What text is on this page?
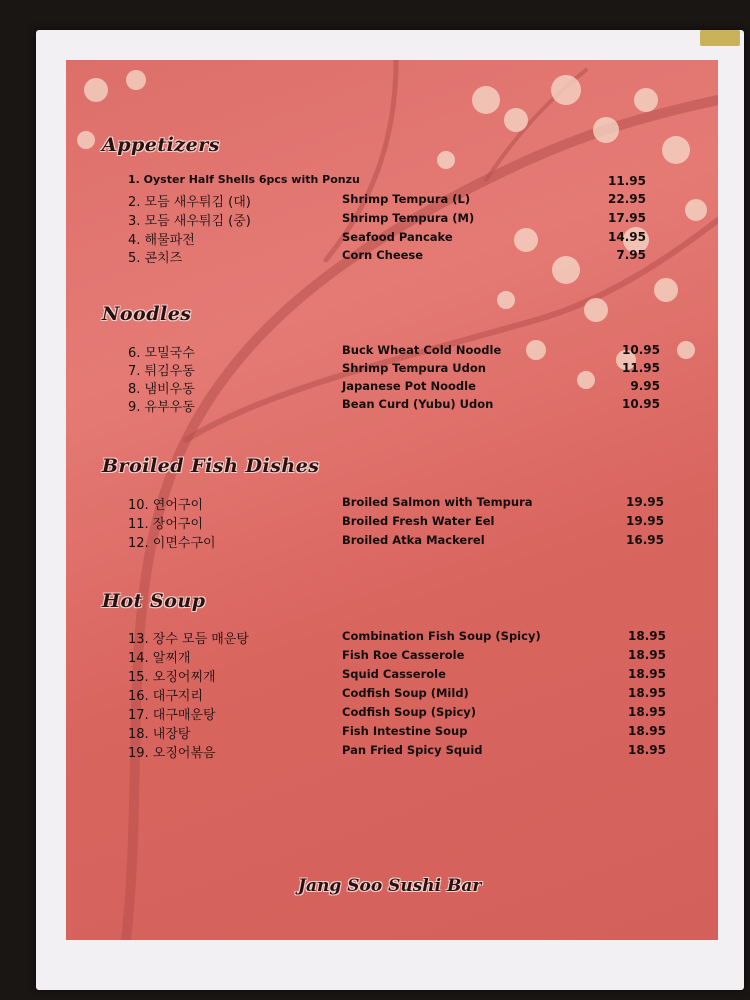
Appetizers
Noodles
Broiled Fish Dishes
Hot Soup
1. Oyster Half Shells 6pcs with Ponzu	11.95
2. 모듬 새우튀김 (대)	Shrimp Tempura (L)	22.95
3. 모듬 새우튀김 (중)	Shrimp Tempura (M)	17.95
4. 해물파전	Seafood Pancake	14.95
5. 콘치즈	Corn Cheese	7.95
6. 모밀국수	Buck Wheat Cold Noodle	10.95
7. 튀김우동	Shrimp Tempura Udon	11.95
8. 냄비우동	Japanese Pot Noodle	9.95
9. 유부우동	Bean Curd (Yubu) Udon	10.95
10. 연어구이	Broiled Salmon with Tempura	19.95
11. 장어구이	Broiled Fresh Water Eel	19.95
12. 이면수구이	Broiled Atka Mackerel	16.95
13. 장수 모듬 매운탕	Combination Fish Soup (Spicy)	18.95
14. 알찌개	Fish Roe Casserole	18.95
15. 오징어찌개	Squid Casserole	18.95
16. 대구지리	Codfish Soup (Mild)	18.95
17. 대구매운탕	Codfish Soup (Spicy)	18.95
18. 내장탕	Fish Intestine Soup	18.95
19. 오징어볶음	Pan Fried Spicy Squid	18.95
Jang Soo Sushi Bar
